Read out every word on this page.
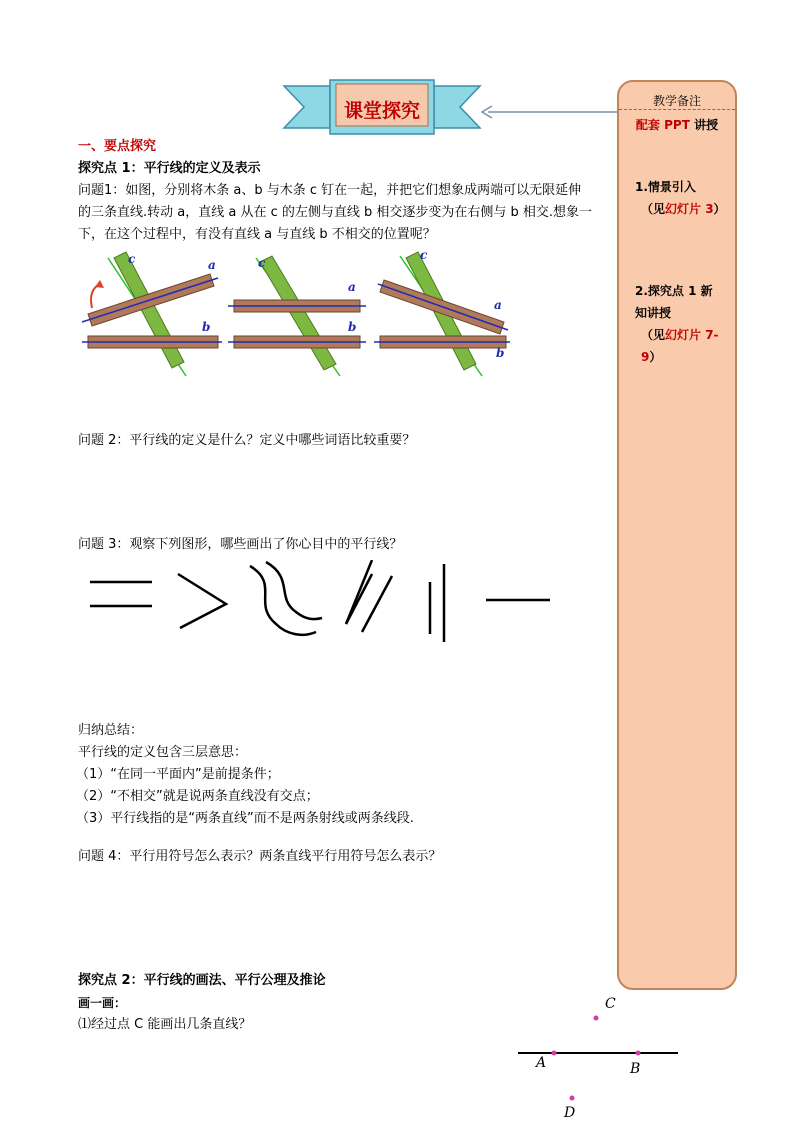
课堂探究	教学备注
配套 PPT 讲授
1.情景引入
（见幻灯片 3）
2.探究点 1 新
知讲授
（见幻灯片 7-9）
一、要点探究
探究点 1：平行线的定义及表示
问题1：如图，分别将木条 a、b 与木条 c 钉在一起，并把它们想象成两端可以无限延伸
的三条直线.转动 a，直线 a 从在 c 的左侧与直线 b 相交逐步变为在右侧与 b 相交.想象一
下，在这个过程中，有没有直线 a 与直线 b 不相交的位置呢？
c	a
b
c
a
b
c
a
b
问题 2：平行线的定义是什么？定义中哪些词语比较重要？
问题 3：观察下列图形，哪些画出了你心目中的平行线？
归纳总结：
平行线的定义包含三层意思：
（1）“在同一平面内”是前提条件；
（2）“不相交”就是说两条直线没有交点；
（3）平行线指的是“两条直线”而不是两条射线或两条线段.
问题 4：平行用符号怎么表示？两条直线平行用符号怎么表示？
探究点 2：平行线的画法、平行公理及推论
画一画：
⑴经过点 C 能画出几条直线？
C
A	B
D
